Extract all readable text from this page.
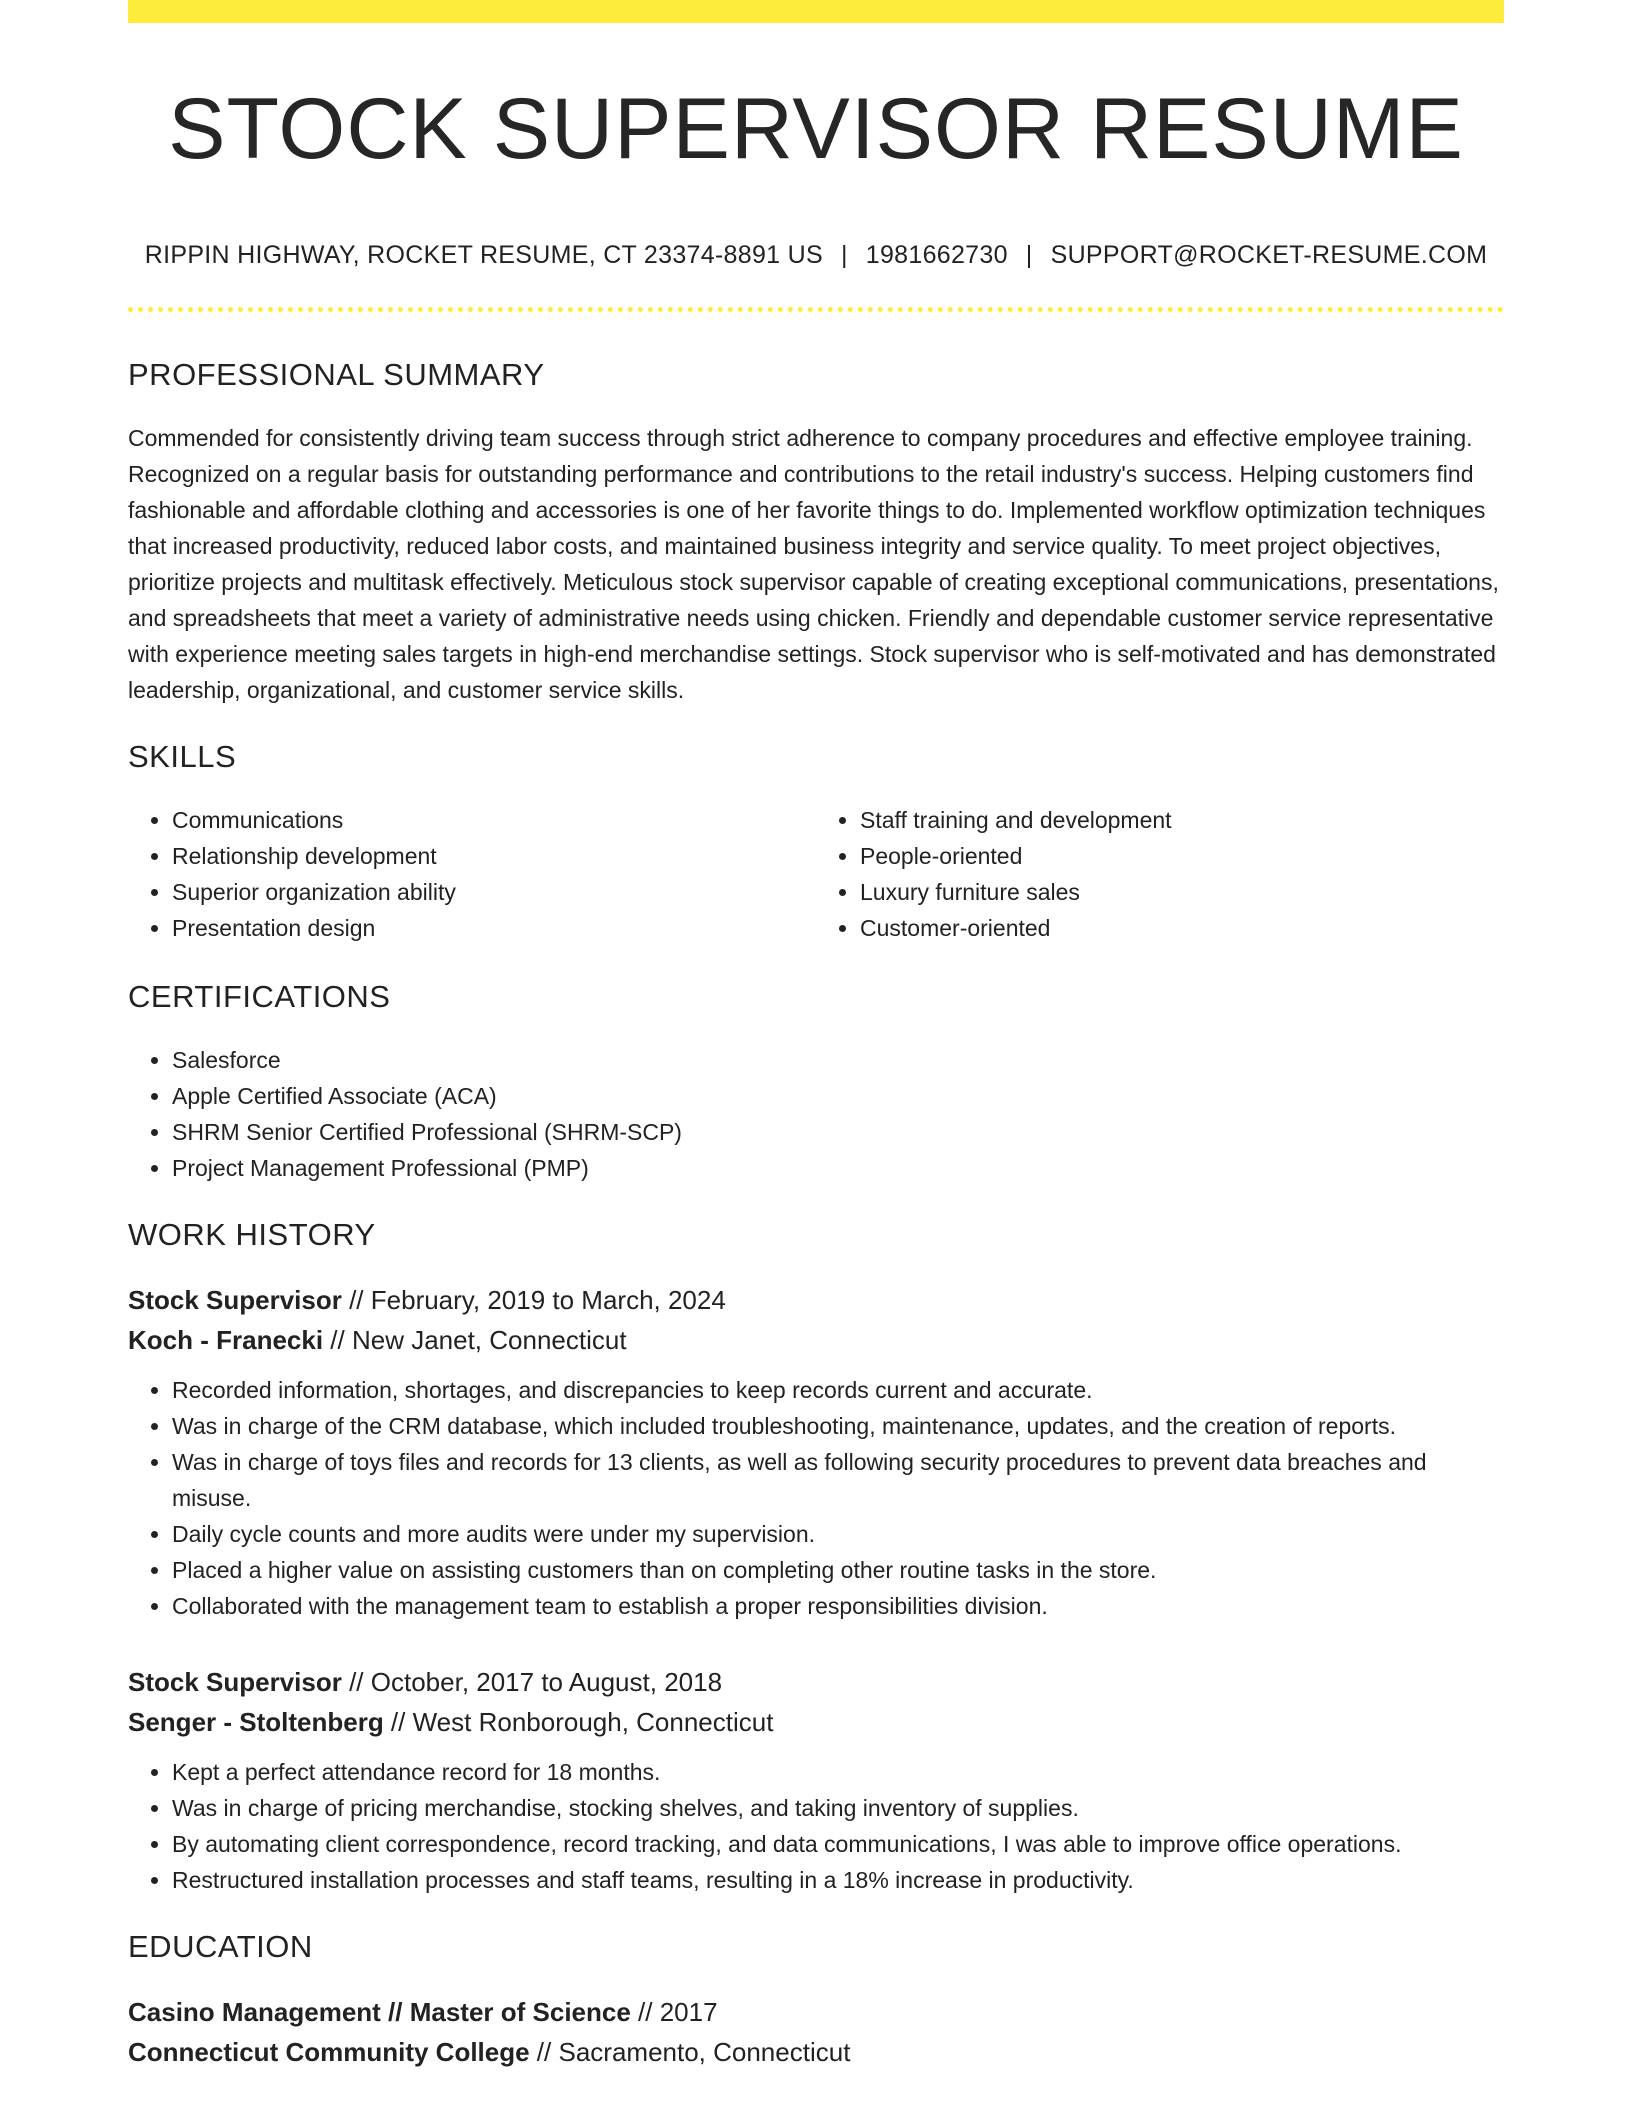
STOCK SUPERVISOR RESUME
RIPPIN HIGHWAY, ROCKET RESUME, CT 23374-8891 US | 1981662730 | SUPPORT@ROCKET-RESUME.COM
PROFESSIONAL SUMMARY

Commended for consistently driving team success through strict adherence to company procedures and effective employee training. Recognized on a regular basis for outstanding performance and contributions to the retail industry's success. Helping customers find fashionable and affordable clothing and accessories is one of her favorite things to do. Implemented workflow optimization techniques that increased productivity, reduced labor costs, and maintained business integrity and service quality. To meet project objectives, prioritize projects and multitask effectively. Meticulous stock supervisor capable of creating exceptional communications, presentations, and spreadsheets that meet a variety of administrative needs using chicken. Friendly and dependable customer service representative with experience meeting sales targets in high-end merchandise settings. Stock supervisor who is self-motivated and has demonstrated leadership, organizational, and customer service skills.

SKILLS
• Communications
• Relationship development
• Superior organization ability
• Presentation design
• Staff training and development
• People-oriented
• Luxury furniture sales
• Customer-oriented
CERTIFICATIONS
• Salesforce
• Apple Certified Associate (ACA)
• SHRM Senior Certified Professional (SHRM-SCP)
• Project Management Professional (PMP)
WORK HISTORY
Stock Supervisor // February, 2019 to March, 2024
Koch - Franecki // New Janet, Connecticut
• Recorded information, shortages, and discrepancies to keep records current and accurate.
• Was in charge of the CRM database, which included troubleshooting, maintenance, updates, and the creation of reports.
• Was in charge of toys files and records for 13 clients, as well as following security procedures to prevent data breaches and misuse.
• Daily cycle counts and more audits were under my supervision.
• Placed a higher value on assisting customers than on completing other routine tasks in the store.
• Collaborated with the management team to establish a proper responsibilities division.
Stock Supervisor // October, 2017 to August, 2018
Senger - Stoltenberg // West Ronborough, Connecticut
• Kept a perfect attendance record for 18 months.
• Was in charge of pricing merchandise, stocking shelves, and taking inventory of supplies.
• By automating client correspondence, record tracking, and data communications, I was able to improve office operations.
• Restructured installation processes and staff teams, resulting in a 18% increase in productivity.
EDUCATION
Casino Management // Master of Science // 2017
Connecticut Community College // Sacramento, Connecticut
